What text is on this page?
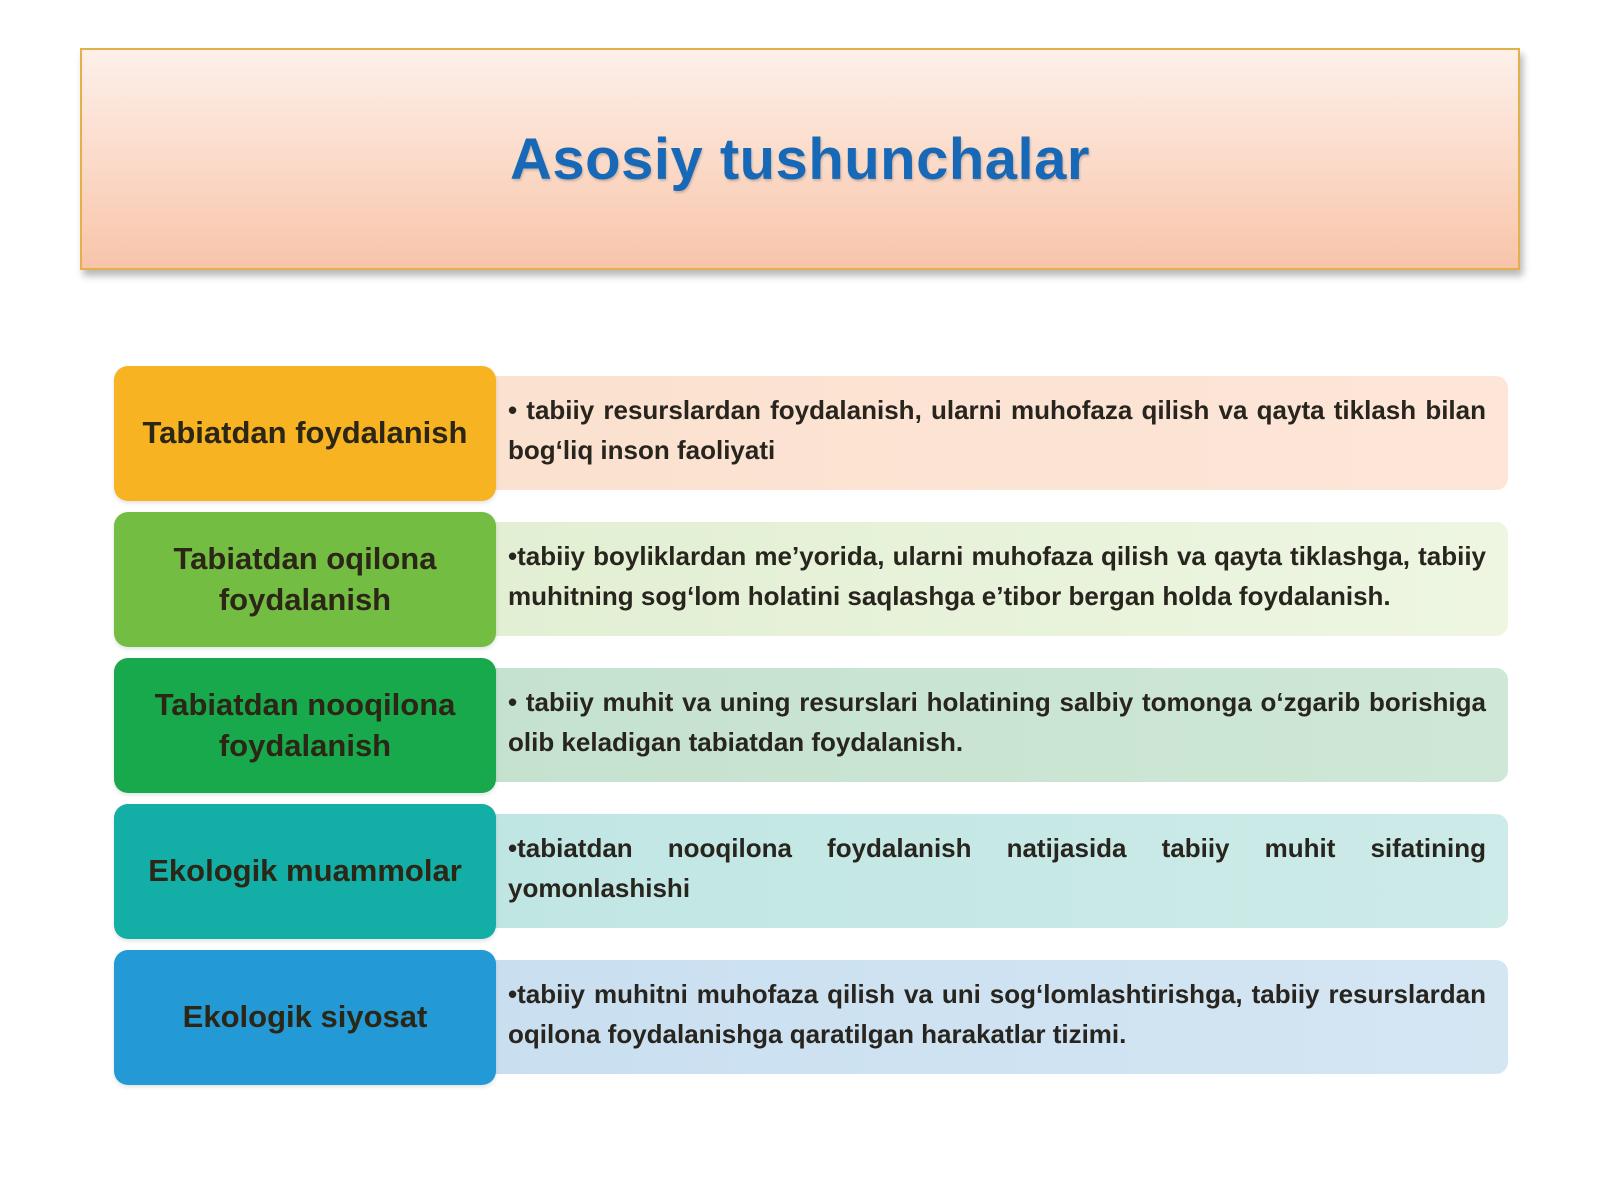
Asosiy tushunchalar
Tabiatdan foydalanish
• tabiiy resurslardan foydalanish, ularni muhofaza qilish va qayta tiklash bilan bog‘liq inson faoliyati
Tabiatdan oqilona foydalanish
•tabiiy boyliklardan me’yorida, ularni muhofaza qilish va qayta tiklashga, tabiiy muhitning sog‘lom holatini saqlashga e’tibor bergan holda foydalanish.
Tabiatdan nooqilona foydalanish
• tabiiy muhit va uning resurslari holatining salbiy tomonga o‘zgarib borishiga olib keladigan tabiatdan foydalanish.
Ekologik muammolar
•tabiatdan nooqilona foydalanish natijasida tabiiy muhit sifatining yomonlashishi
Ekologik siyosat
•tabiiy muhitni muhofaza qilish va uni sog‘lomlashtirishga, tabiiy resurslardan oqilona foydalanishga qaratilgan harakatlar tizimi.
